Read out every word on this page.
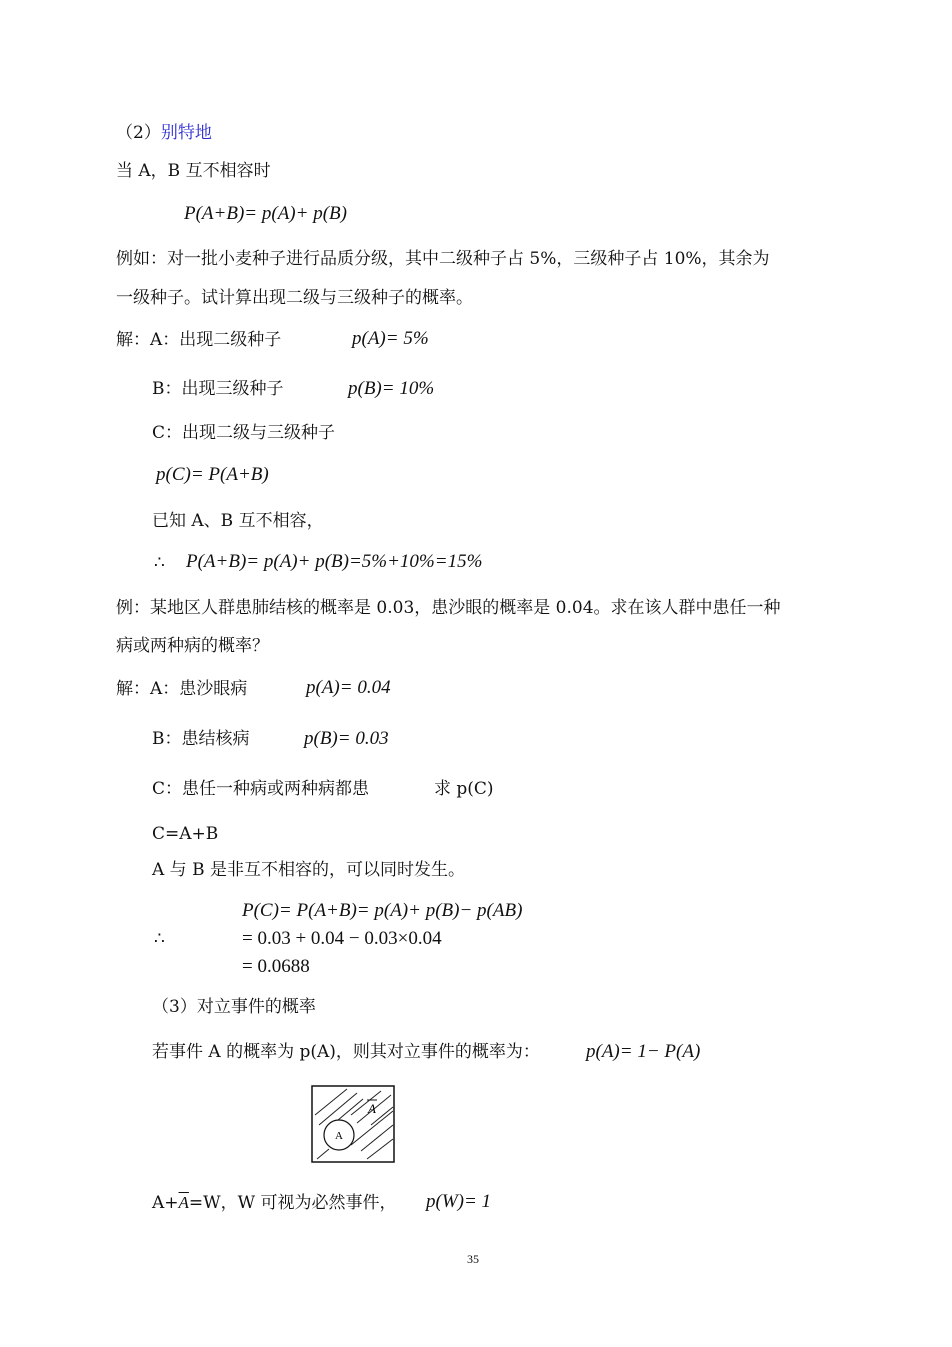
（2）别特地
当 A，B 互不相容时
P(A+B)= p(A)+ p(B)
例如：对一批小麦种子进行品质分级，其中二级种子占 5%，三级种子占 10%，其余为
一级种子。试计算出现二级与三级种子的概率。
解：A：出现二级种子	p(A)= 5%
B：出现三级种子	p(B)= 10%
C：出现二级与三级种子
p(C)= P(A+B)
已知 A、B 互不相容，
∴ P(A+B)= p(A)+ p(B)=5%+10%=15%
例：某地区人群患肺结核的概率是 0.03，患沙眼的概率是 0.04。求在该人群中患任一种
病或两种病的概率？
解：A：患沙眼病	p(A)= 0.04
B：患结核病	p(B)= 0.03
C：患任一种病或两种病都患	求 p(C)
C=A+B
A 与 B 是非互不相容的，可以同时发生。
∴
P(C)= P(A+B)= p(A)+ p(B)− p(AB)
= 0.03 + 0.04 − 0.03×0.04
= 0.0688
（3）对立事件的概率
若事件 A 的概率为 p(A)，则其对立事件的概率为： p(A)= 1− P(A)
A
A
$A+\overline{A}=W$，W 可视为必然事件， p(W)= 1
35
